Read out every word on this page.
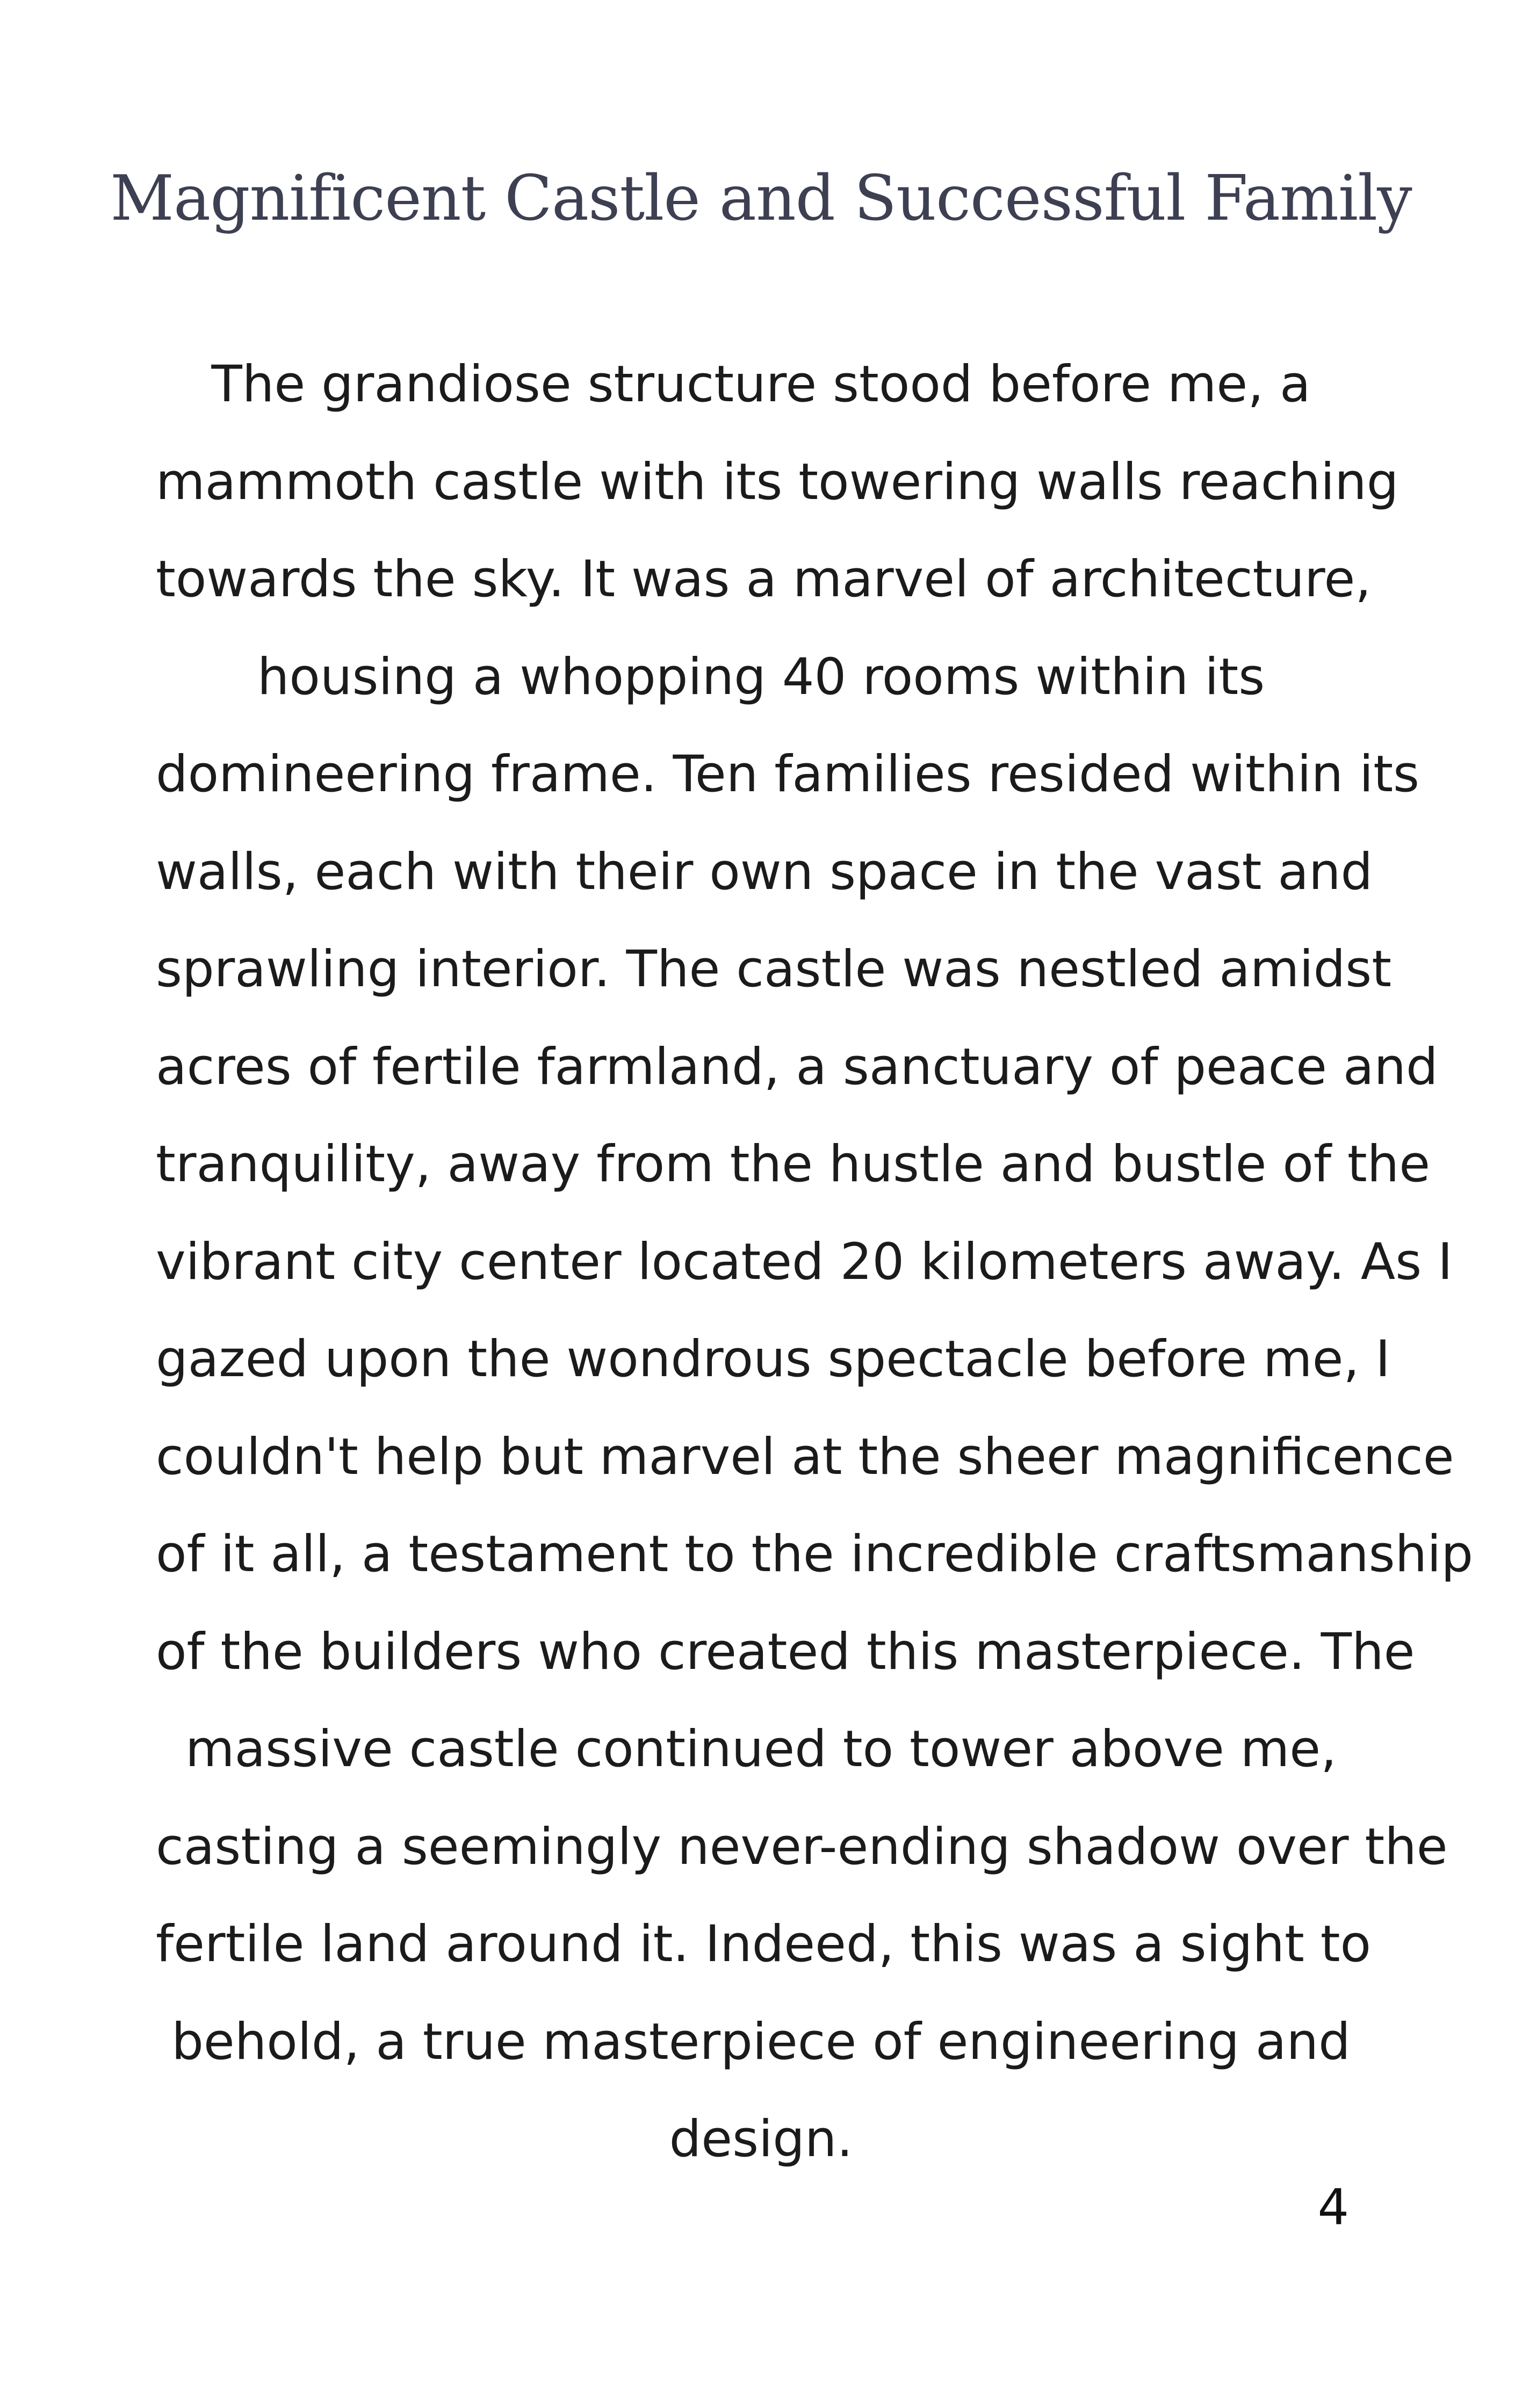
Magnificent Castle and Successful Family

The grandiose structure stood before me, a
mammoth castle with its towering walls reaching
towards the sky. It was a marvel of architecture,
housing a whopping 40 rooms within its
domineering frame. Ten families resided within its
walls, each with their own space in the vast and
sprawling interior. The castle was nestled amidst
acres of fertile farmland, a sanctuary of peace and
tranquility, away from the hustle and bustle of the
vibrant city center located 20 kilometers away. As I
gazed upon the wondrous spectacle before me, I
couldn't help but marvel at the sheer magnificence
of it all, a testament to the incredible craftsmanship
of the builders who created this masterpiece. The
massive castle continued to tower above me,
casting a seemingly never-ending shadow over the
fertile land around it. Indeed, this was a sight to
behold, a true masterpiece of engineering and
design.

4
